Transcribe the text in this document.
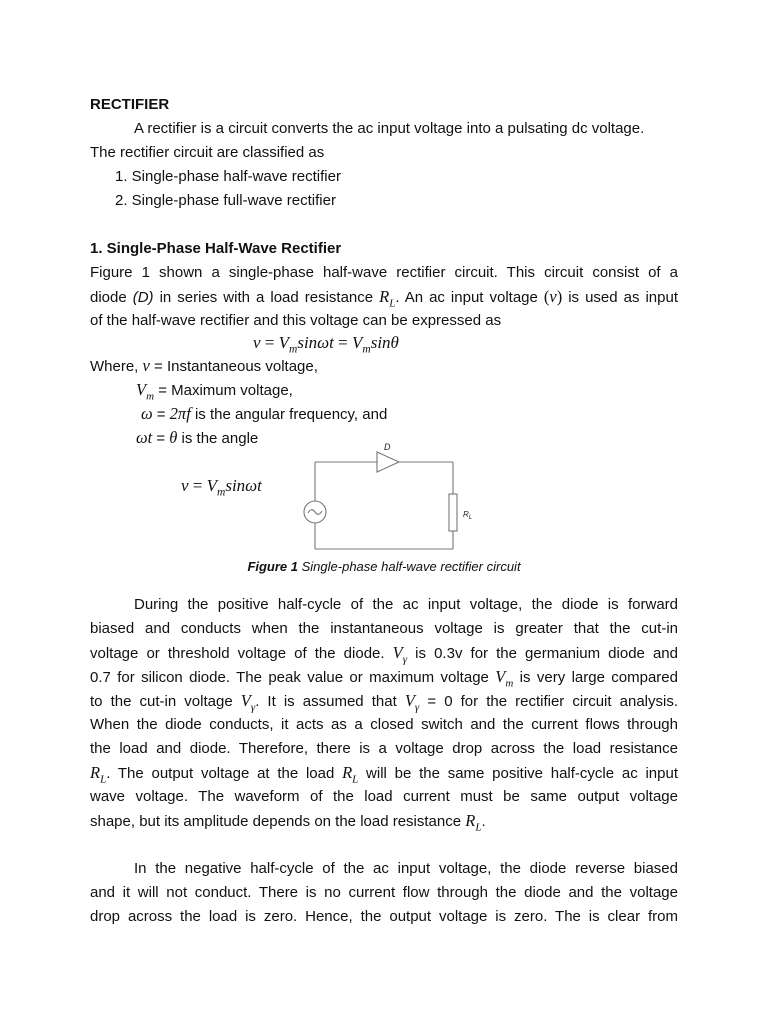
RECTIFIER
A rectifier is a circuit converts the ac input voltage into a pulsating dc voltage.
The rectifier circuit are classified as
1. Single-phase half-wave rectifier
2. Single-phase full-wave rectifier
1. Single-Phase Half-Wave Rectifier
Figure 1 shown a single-phase half-wave rectifier circuit. This circuit consist of a
diode (D) in series with a load resistance $R_L$. An ac input voltage (v) is used as input
of the half-wave rectifier and this voltage can be expressed as
$v = V_m\sin\omega t = V_m\sin\theta$
Where, v = Instantaneous voltage,
$V_m$ = Maximum voltage,
ω = 2πf is the angular frequency, and
ωt = θ is the angle
$v = V_m\sin\omega t$
D
$R_L$
Figure 1 Single-phase half-wave rectifier circuit
During the positive half-cycle of the ac input voltage, the diode is forward
biased and conducts when the instantaneous voltage is greater that the cut-in
voltage or threshold voltage of the diode. $V_\gamma$ is 0.3v for the germanium diode and
0.7 for silicon diode. The peak value or maximum voltage $V_m$ is very large compared
to the cut-in voltage $V_\gamma$. It is assumed that $V_\gamma = 0$ for the rectifier circuit analysis.
When the diode conducts, it acts as a closed switch and the current flows through
the load and diode. Therefore, there is a voltage drop across the load resistance
$R_L$. The output voltage at the load $R_L$ will be the same positive half-cycle ac input
wave voltage. The waveform of the load current must be same output voltage
shape, but its amplitude depends on the load resistance $R_L$.
In the negative half-cycle of the ac input voltage, the diode reverse biased
and it will not conduct. There is no current flow through the diode and the voltage
drop across the load is zero. Hence, the output voltage is zero. The is clear from
